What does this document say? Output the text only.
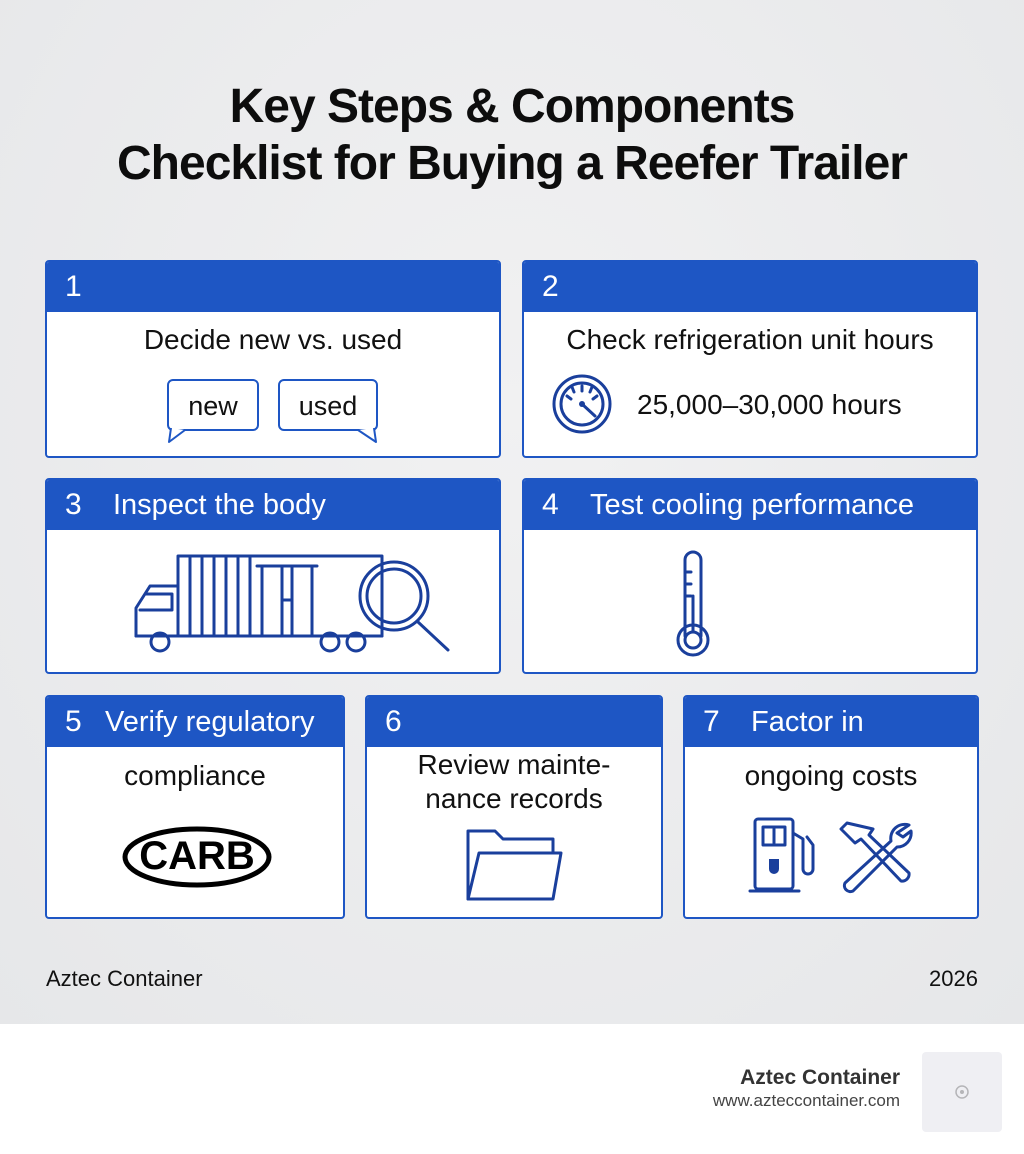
Key Steps & Components
Checklist for Buying a Reefer Trailer
1
Decide new vs. used
new	used
2
Check refrigeration unit hours
25,000–30,000 hours
3 Inspect the body	4 Test cooling performance
5 Verify regulatory
compliance
CARB
6
Review mainte-
nance records
7 Factor in
ongoing costs
Aztec Container	2026
Aztec Container
www.azteccontainer.com
